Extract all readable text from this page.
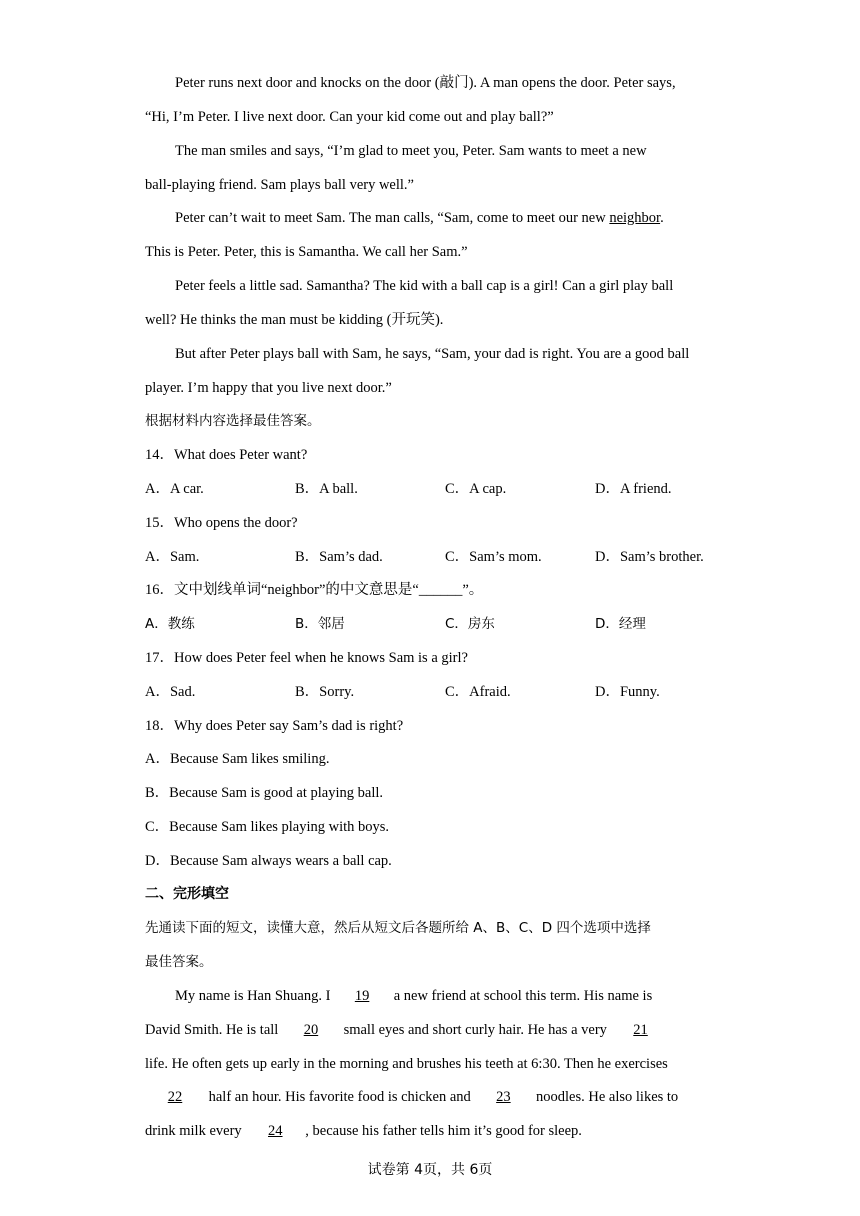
Peter runs next door and knocks on the door (敲门). A man opens the door. Peter says,
“Hi, I’m Peter. I live next door. Can your kid come out and play ball?”
The man smiles and says, “I’m glad to meet you, Peter. Sam wants to meet a new
ball-playing friend. Sam plays ball very well.”
Peter can’t wait to meet Sam. The man calls, “Sam, come to meet our new neighbor.
This is Peter. Peter, this is Samantha. We call her Sam.”
Peter feels a little sad. Samantha? The kid with a ball cap is a girl! Can a girl play ball
well? He thinks the man must be kidding (开玩笑).
But after Peter plays ball with Sam, he says, “Sam, your dad is right. You are a good ball
player. I’m happy that you live next door.”
根据材料内容选择最佳答案。
14．What does Peter want?
A．A car.	B．A ball.	C．A cap.	D．A friend.
15．Who opens the door?
A．Sam.	B．Sam’s dad.	C．Sam’s mom.	D．Sam’s brother.
16．文中划线单词“neighbor”的中文意思是“______”。
A．教练	B．邻居	C．房东	D．经理
17．How does Peter feel when he knows Sam is a girl?
A．Sad.	B．Sorry.	C．Afraid.	D．Funny.
18．Why does Peter say Sam’s dad is right?
A．Because Sam likes smiling.
B．Because Sam is good at playing ball.
C．Because Sam likes playing with boys.
D．Because Sam always wears a ball cap.
二、完形填空
先通读下面的短文，读懂大意，然后从短文后各题所给 A、B、C、D 四个选项中选择
最佳答案。
My name is Han Shuang. I 19 a new friend at school this term. His name is
David Smith. He is tall 20 small eyes and short curly hair. He has a very 21
life. He often gets up early in the morning and brushes his teeth at 6:30. Then he exercises
22 half an hour. His favorite food is chicken and 23 noodles. He also likes to
drink milk every 24 , because his father tells him it’s good for sleep.
试卷第 4页，共 6页
